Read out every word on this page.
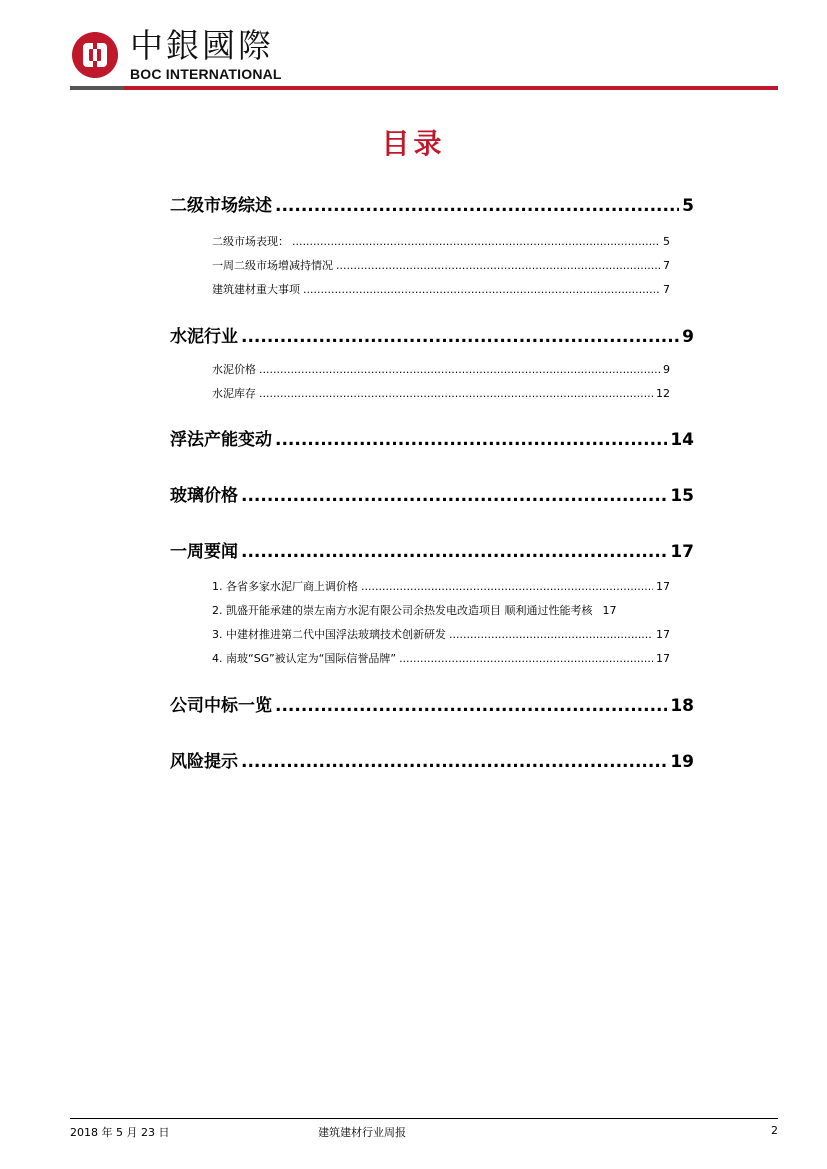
中銀國際
BOC INTERNATIONAL
目录
二级市场综述 .....	5
二级市场表现： .....	5
一周二级市场增减持情况 .....	7
建筑建材重大事项 .....	7
水泥行业 .....	9
水泥价格 .....	9
水泥库存 .....	12
浮法产能变动 .....	14
玻璃价格 .....	15
一周要闻 .....	17
1. 各省多家水泥厂商上调价格 .....	17
2. 凯盛开能承建的崇左南方水泥有限公司余热发电改造项目 顺利通过性能考核 17
3. 中建材推进第二代中国浮法玻璃技术创新研发 .....	17
4. 南玻“SG”被认定为“国际信誉品牌” .....	17
公司中标一览 .....	18
风险提示 .....	19
2018 年 5 月 23 日	建筑建材行业周报	2
